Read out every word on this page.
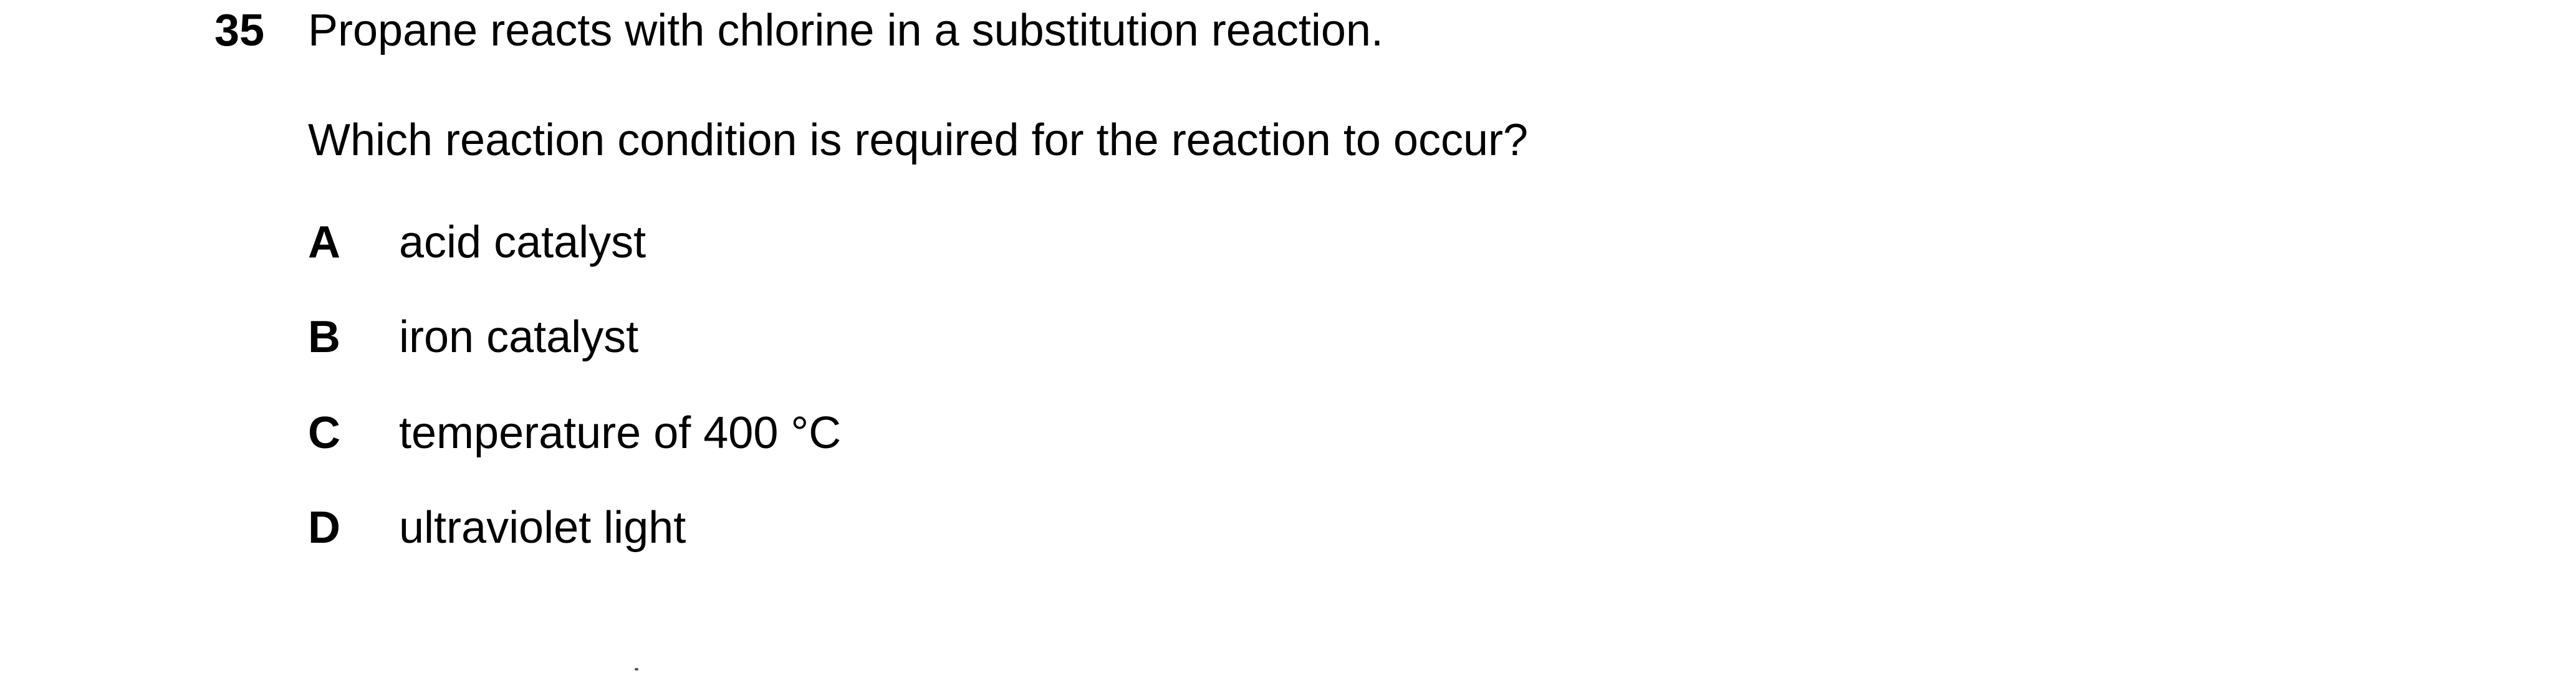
35 Propane reacts with chlorine in a substitution reaction.
Which reaction condition is required for the reaction to occur?
A acid catalyst
B iron catalyst
C temperature of 400 °C
D ultraviolet light
